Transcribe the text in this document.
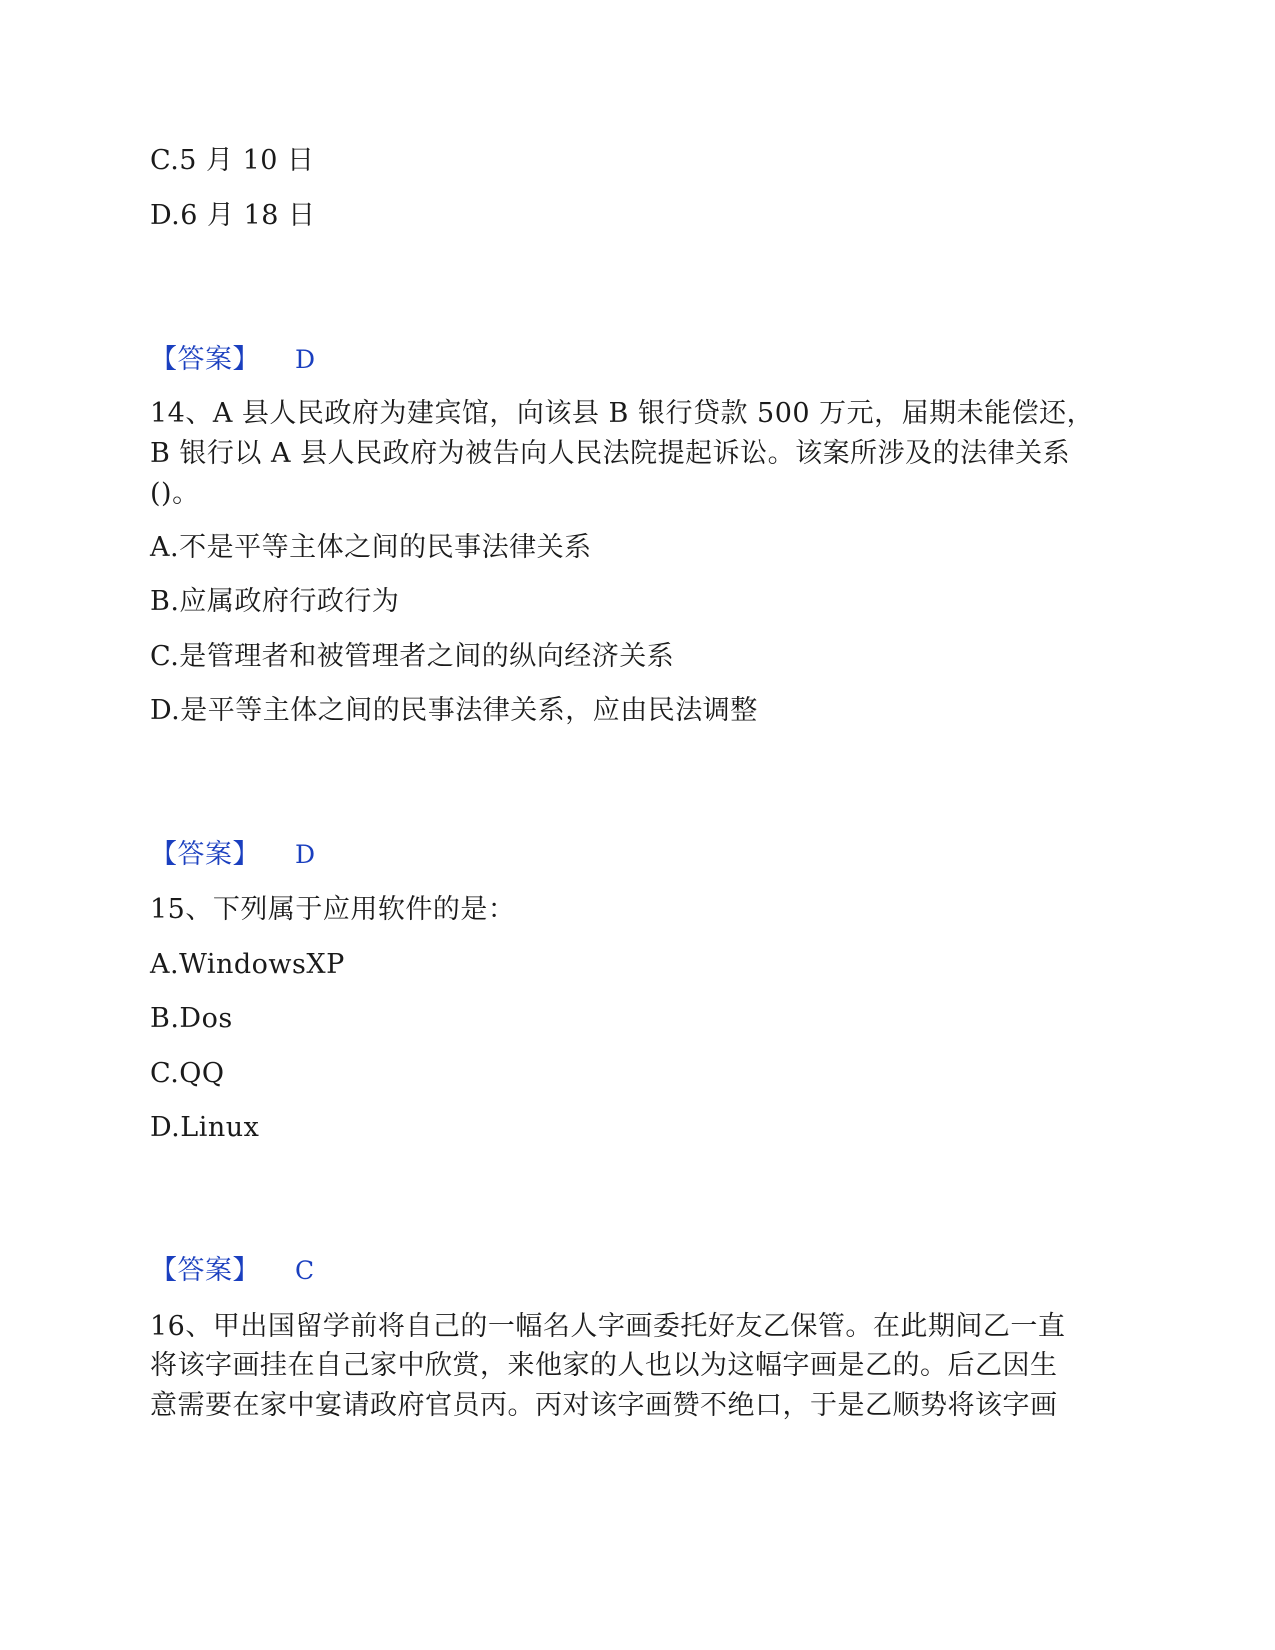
C.5 月 10 日
D.6 月 18 日
【答案】 D
14、A 县人民政府为建宾馆，向该县 B 银行贷款 500 万元，届期未能偿还，
B 银行以 A 县人民政府为被告向人民法院提起诉讼。该案所涉及的法律关系
()。
A.不是平等主体之间的民事法律关系
B.应属政府行政行为
C.是管理者和被管理者之间的纵向经济关系
D.是平等主体之间的民事法律关系，应由民法调整
【答案】 D
15、下列属于应用软件的是：
A.WindowsXP
B.Dos
C.QQ
D.Linux
【答案】 C
16、甲出国留学前将自己的一幅名人字画委托好友乙保管。在此期间乙一直
将该字画挂在自己家中欣赏，来他家的人也以为这幅字画是乙的。后乙因生
意需要在家中宴请政府官员丙。丙对该字画赞不绝口，于是乙顺势将该字画
